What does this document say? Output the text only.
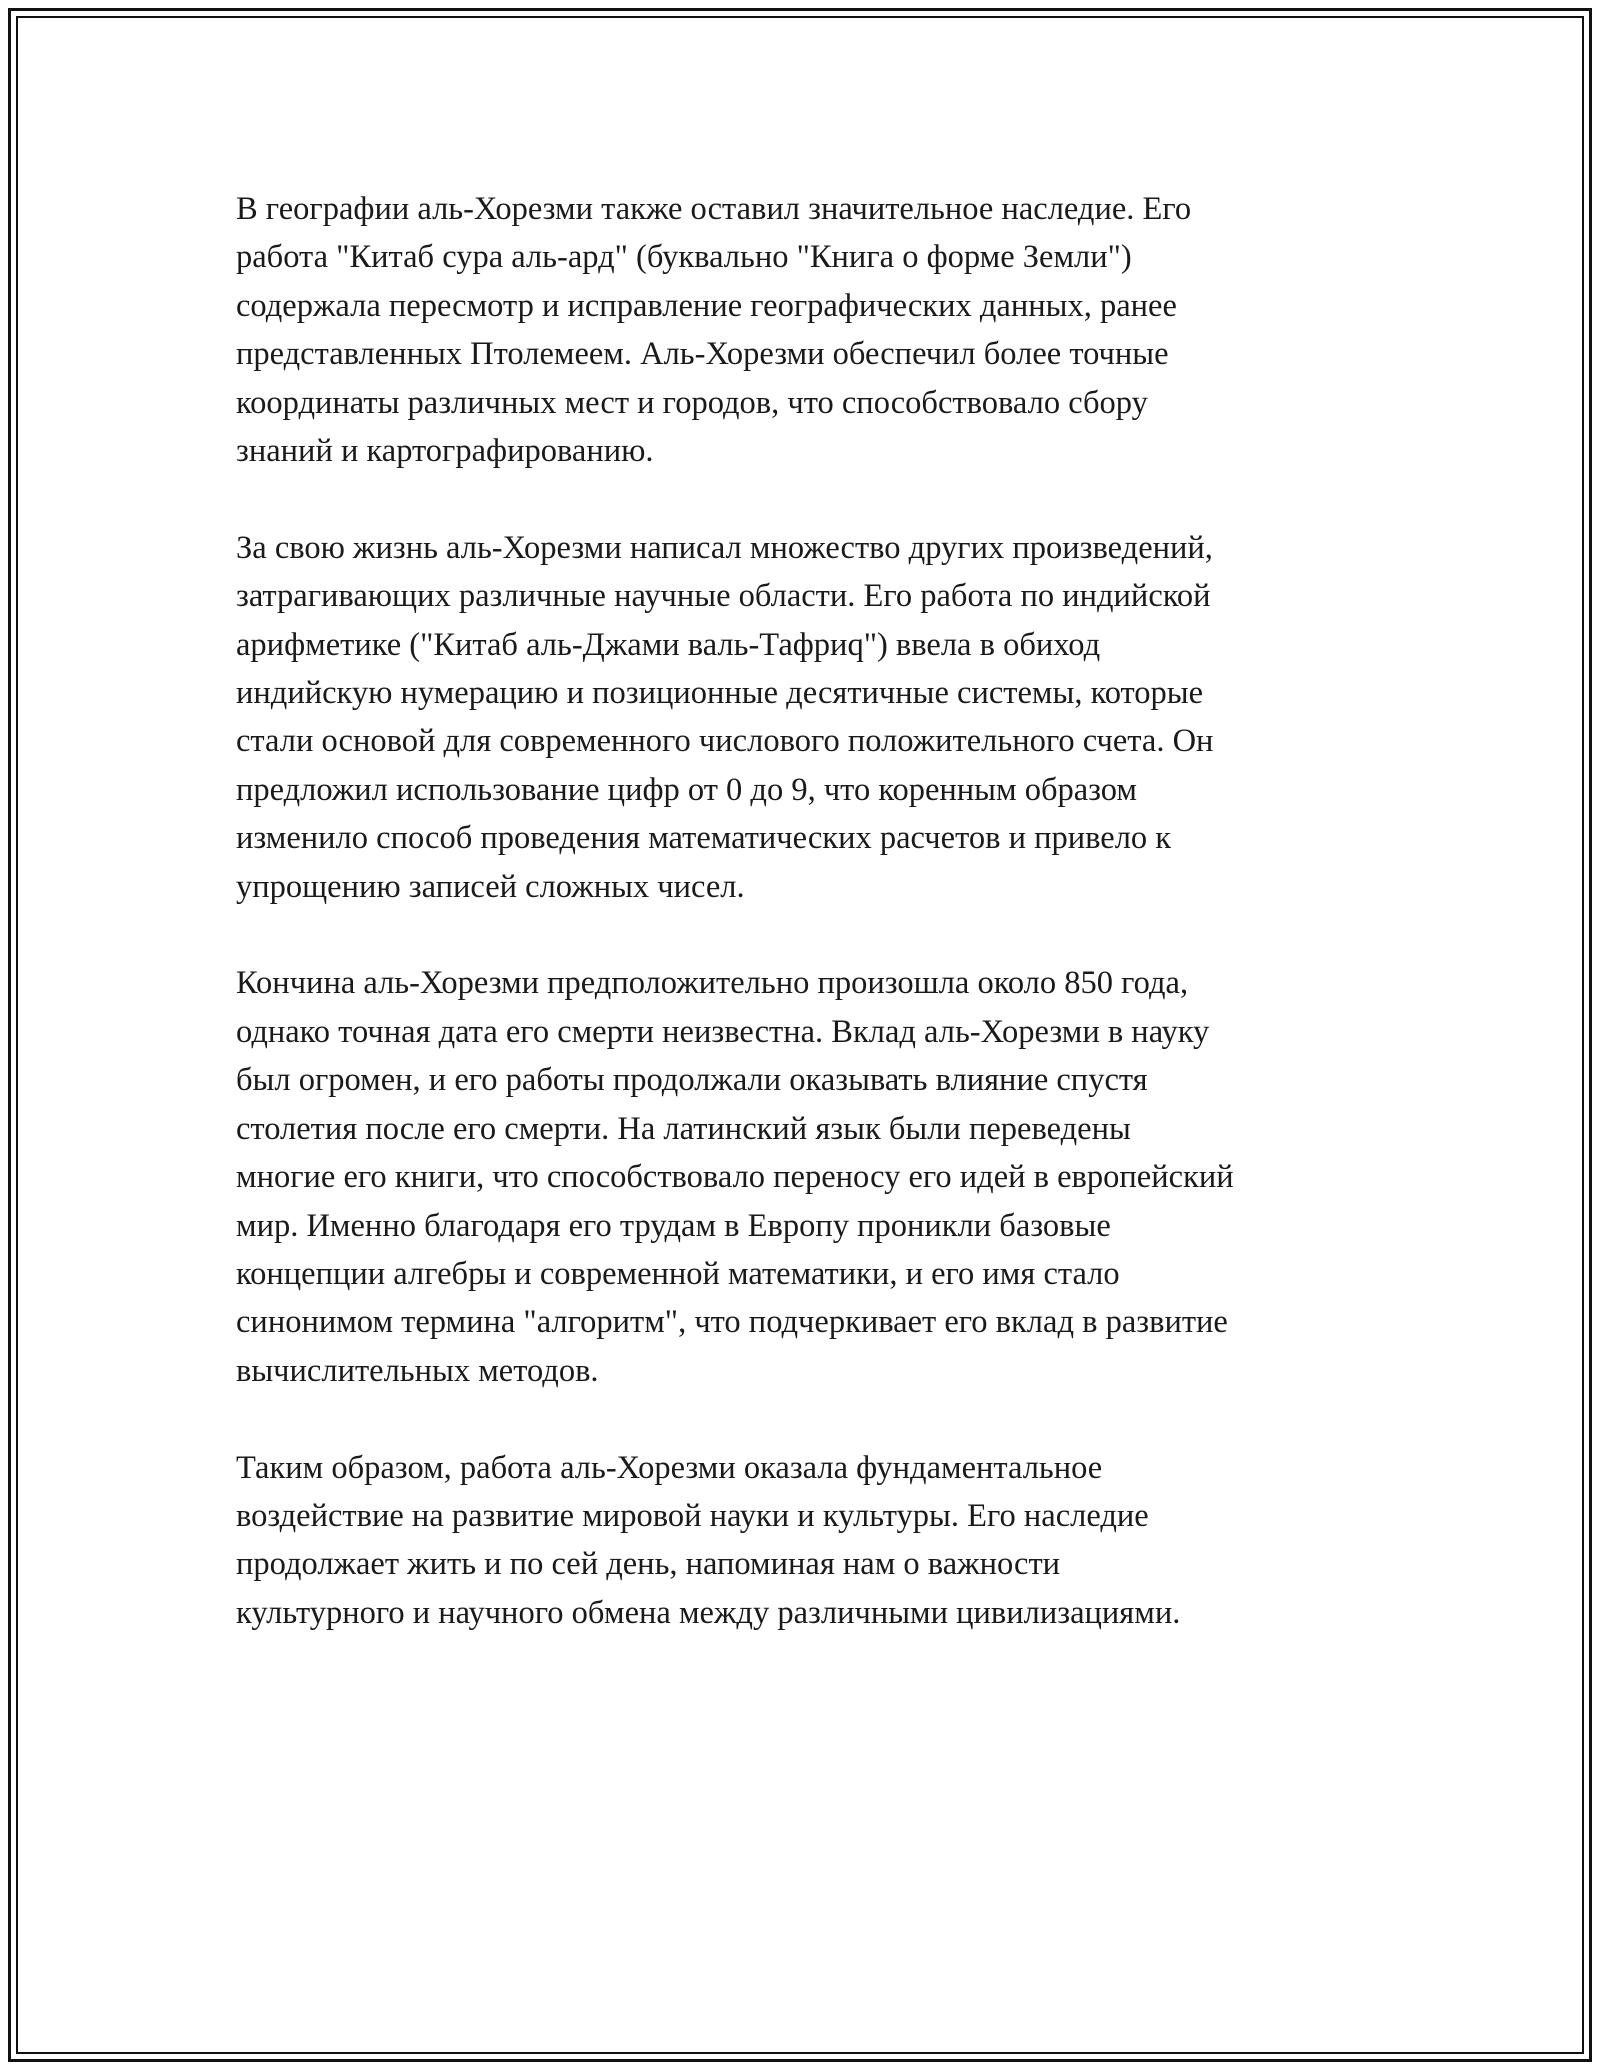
В географии аль-Хорезми также оставил значительное наследие. Его
работа "Китаб сура аль-ард" (буквально "Книга о форме Земли")
содержала пересмотр и исправление географических данных, ранее
представленных Птолемеем. Аль-Хорезми обеспечил более точные
координаты различных мест и городов, что способствовало сбору
знаний и картографированию.

За свою жизнь аль-Хорезми написал множество других произведений,
затрагивающих различные научные области. Его работа по индийской
арифметике ("Китаб аль-Джами валь-Тафриq") ввела в обиход
индийскую нумерацию и позиционные десятичные системы, которые
стали основой для современного числового положительного счета. Он
предложил использование цифр от 0 до 9, что коренным образом
изменило способ проведения математических расчетов и привело к
упрощению записей сложных чисел.

Кончина аль-Хорезми предположительно произошла около 850 года,
однако точная дата его смерти неизвестна. Вклад аль-Хорезми в науку
был огромен, и его работы продолжали оказывать влияние спустя
столетия после его смерти. На латинский язык были переведены
многие его книги, что способствовало переносу его идей в европейский
мир. Именно благодаря его трудам в Европу проникли базовые
концепции алгебры и современной математики, и его имя стало
синонимом термина "алгоритм", что подчеркивает его вклад в развитие
вычислительных методов.

Таким образом, работа аль-Хорезми оказала фундаментальное
воздействие на развитие мировой науки и культуры. Его наследие
продолжает жить и по сей день, напоминая нам о важности
культурного и научного обмена между различными цивилизациями.
